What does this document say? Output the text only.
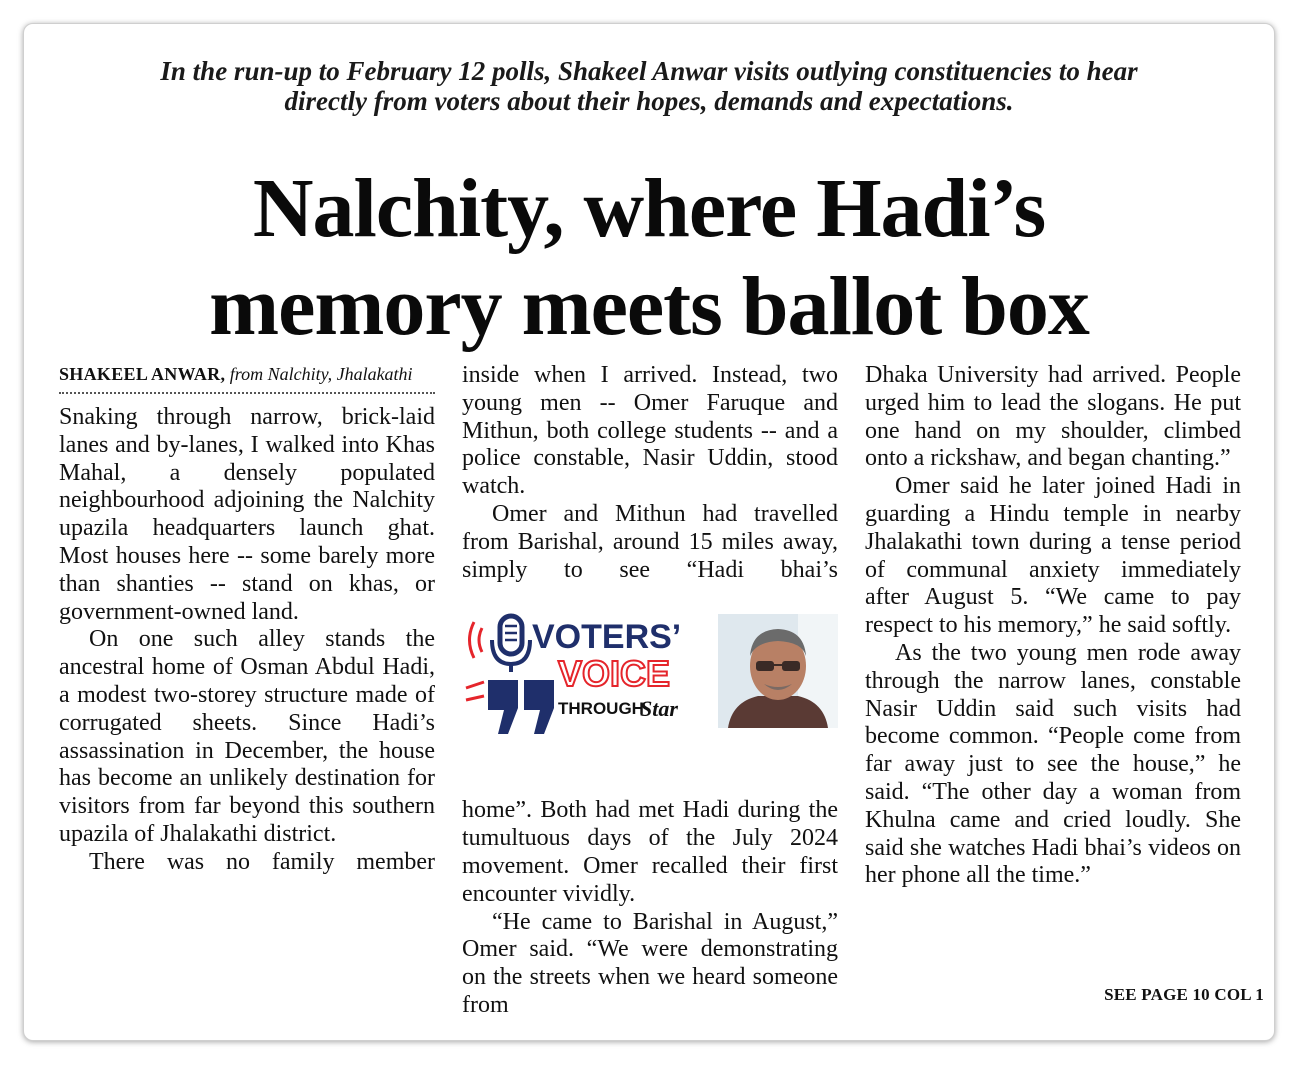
In the run-up to February 12 polls, Shakeel Anwar visits outlying constituencies to hear directly from voters about their hopes, demands and expectations.
Nalchity, where Hadi’s
memory meets ballot box
SHAKEEL ANWAR, from Nalchity, Jhalakathi

Snaking through narrow, brick-laid lanes and by-lanes, I walked into Khas Mahal, a densely populated neighbourhood adjoining the Nalchity upazila headquarters launch ghat. Most houses here -- some barely more than shanties -- stand on khas, or government-owned land.

On one such alley stands the ancestral home of Osman Abdul Hadi, a modest two-storey structure made of corrugated sheets. Since Hadi’s assassination in December, the house has become an unlikely destination for visitors from far beyond this southern upazila of Jhalakathi district.

There was no family member

inside when I arrived. Instead, two young men -- Omer Faruque and Mithun, both college students -- and a police constable, Nasir Uddin, stood watch.

Omer and Mithun had travelled from Barishal, around 15 miles away, simply to see “Hadi bhai’s

VOTERS’
VOICE
THROUGH
Star

home”. Both had met Hadi during the tumultuous days of the July 2024 movement. Omer recalled their first encounter vividly.

“He came to Barishal in August,” Omer said. “We were demonstrating on the streets when we heard someone from

Dhaka University had arrived. People urged him to lead the slogans. He put one hand on my shoulder, climbed onto a rickshaw, and began chanting.”

Omer said he later joined Hadi in guarding a Hindu temple in nearby Jhalakathi town during a tense period of communal anxiety immediately after August 5. “We came to pay respect to his memory,” he said softly.

As the two young men rode away through the narrow lanes, constable Nasir Uddin said such visits had become common. “People come from far away just to see the house,” he said. “The other day a woman from Khulna came and cried loudly. She said she watches Hadi bhai’s videos on her phone all the time.”

SEE PAGE 10 COL 1
